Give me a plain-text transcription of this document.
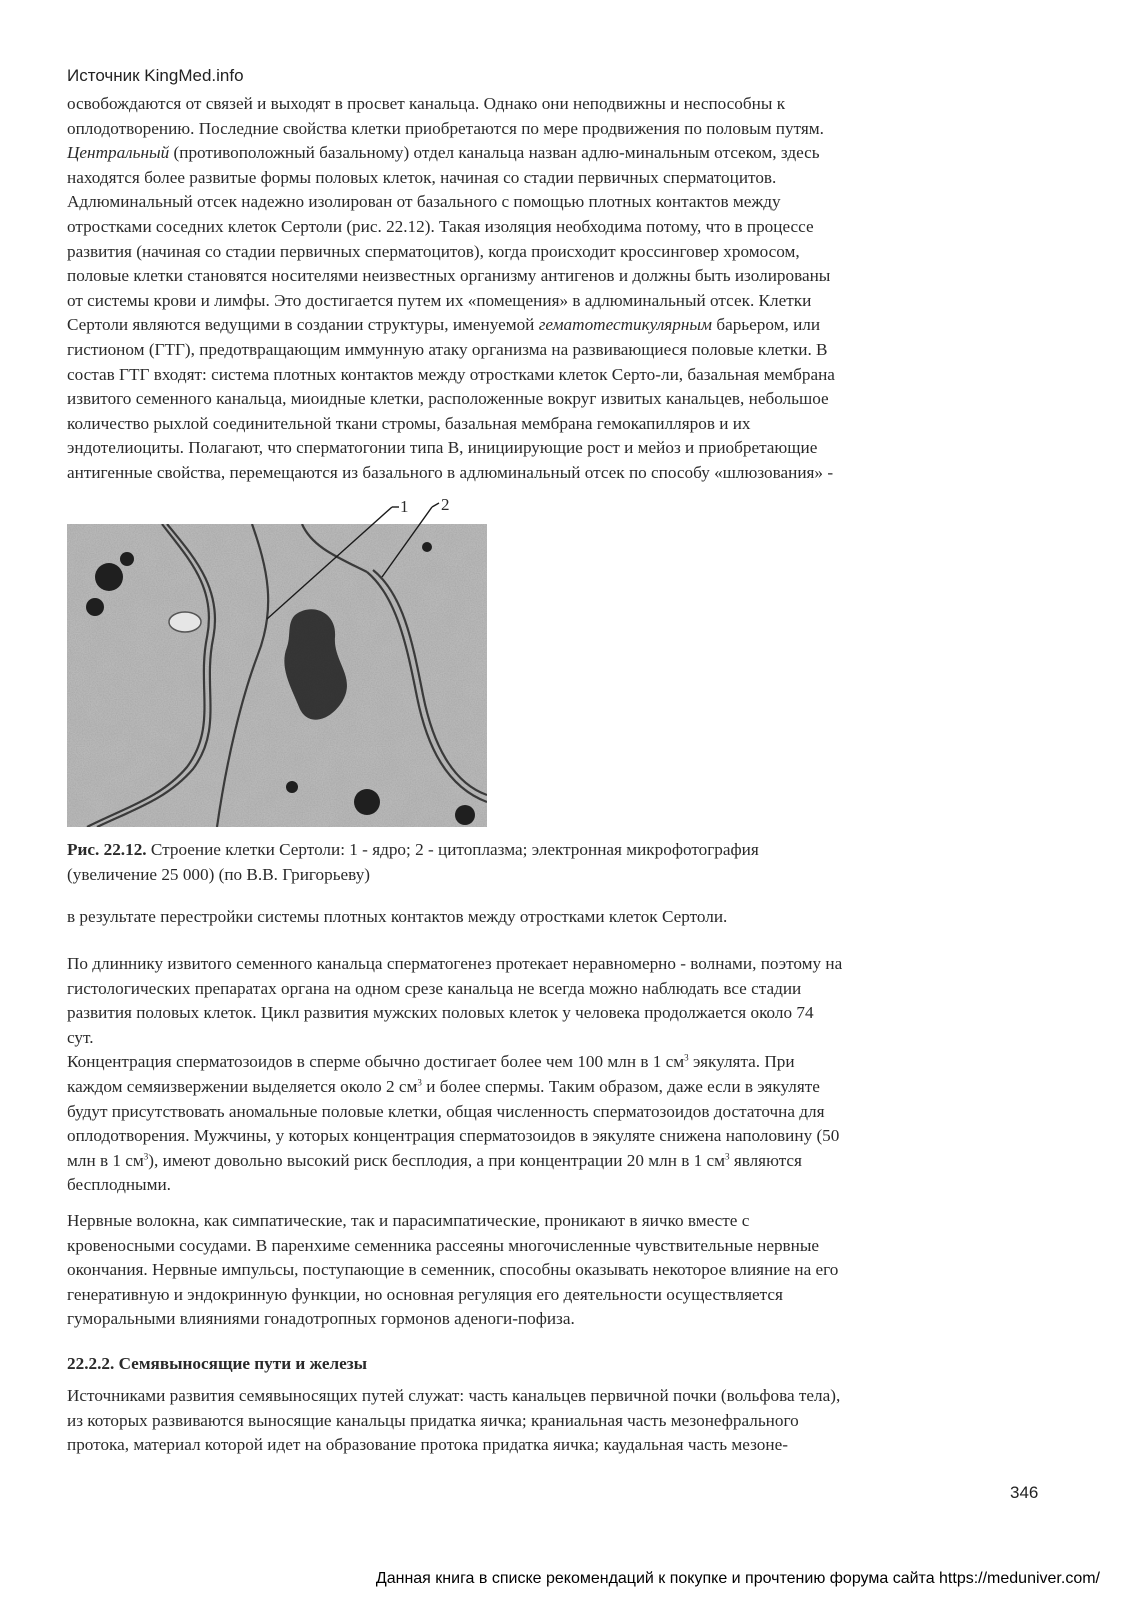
Источник KingMed.info
освобождаются от связей и выходят в просвет канальца. Однако они неподвижны и неспособны к
оплодотворению. Последние свойства клетки приобретаются по мере продвижения по половым путям.
Центральный (противоположный базальному) отдел канальца назван адлю-минальным отсеком, здесь
находятся более развитые формы половых клеток, начиная со стадии первичных сперматоцитов.
Адлюминальный отсек надежно изолирован от базального с помощью плотных контактов между
отростками соседних клеток Сертоли (рис. 22.12). Такая изоляция необходима потому, что в процессе
развития (начиная со стадии первичных сперматоцитов), когда происходит кроссинговер хромосом,
половые клетки становятся носителями неизвестных организму антигенов и должны быть изолированы
от системы крови и лимфы. Это достигается путем их «помещения» в адлюминальный отсек. Клетки
Сертоли являются ведущими в создании структуры, именуемой гематотестикулярным барьером, или
гистионом (ГТГ), предотвращающим иммунную атаку организма на развивающиеся половые клетки. В
состав ГТГ входят: система плотных контактов между отростками клеток Серто-ли, базальная мембрана
извитого семенного канальца, миоидные клетки, расположенные вокруг извитых канальцев, небольшое
количество рыхлой соединительной ткани стромы, базальная мембрана гемокапилляров и их
эндотелиоциты. Полагают, что сперматогонии типа В, инициирующие рост и мейоз и приобретающие
антигенные свойства, перемещаются из базального в адлюминальный отсек по способу «шлюзования» -
1 2
Рис. 22.12. Строение клетки Сертоли: 1 - ядро; 2 - цитоплазма; электронная микрофотография
(увеличение 25 000) (по В.В. Григорьеву)
в результате перестройки системы плотных контактов между отростками клеток Сертоли.
По длиннику извитого семенного канальца сперматогенез протекает неравномерно - волнами, поэтому на
гистологических препаратах органа на одном срезе канальца не всегда можно наблюдать все стадии
развития половых клеток. Цикл развития мужских половых клеток у человека продолжается около 74
сут.
Концентрация сперматозоидов в сперме обычно достигает более чем 100 млн в 1 $см^3$ эякулята. При
каждом семяизвержении выделяется около 2 $см^3$ и более спермы. Таким образом, даже если в эякуляте
будут присутствовать аномальные половые клетки, общая численность сперматозоидов достаточна для
оплодотворения. Мужчины, у которых концентрация сперматозоидов в эякуляте снижена наполовину (50
млн в 1 $см^3$), имеют довольно высокий риск бесплодия, а при концентрации 20 млн в 1 $см^3$ являются
бесплодными.
Нервные волокна, как симпатические, так и парасимпатические, проникают в яичко вместе с
кровеносными сосудами. В паренхиме семенника рассеяны многочисленные чувствительные нервные
окончания. Нервные импульсы, поступающие в семенник, способны оказывать некоторое влияние на его
генеративную и эндокринную функции, но основная регуляция его деятельности осуществляется
гуморальными влияниями гонадотропных гормонов аденоги-пофиза.
22.2.2. Семявыносящие пути и железы
Источниками развития семявыносящих путей служат: часть канальцев первичной почки (вольфова тела),
из которых развиваются выносящие канальцы придатка яичка; краниальная часть мезонефрального
протока, материал которой идет на образование протока придатка яичка; каудальная часть мезоне-
346
Данная книга в списке рекомендаций к покупке и прочтению форума сайта https://meduniver.com/
